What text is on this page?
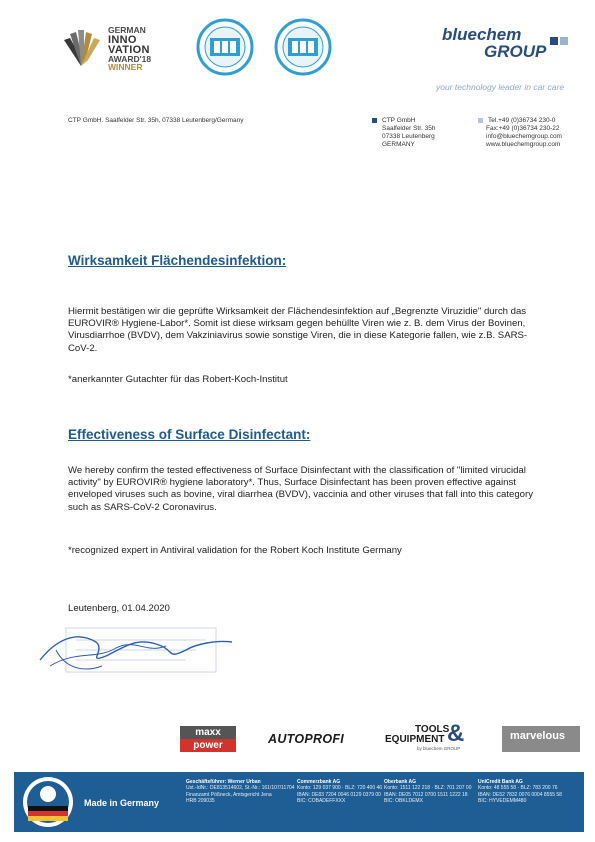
GERMAN
INNO
VATION
AWARD'18
WINNER
bluechem
GROUP
your technology leader in car care
CTP GmbH. Saalfelder Str. 35h, 07338 Leutenberg/Germany	CTP GmbH
Saalfelder Str. 35h
07338 Leutenberg
GERMANY
Tel.+49 (0)36734 230-0
Fax:+49 (0)36734 230-22
info@bluechemgroup.com
www.bluechemgroup.com
Wirksamkeit Flächendesinfektion:
Hiermit bestätigen wir die geprüfte Wirksamkeit der Flächendesinfektion auf „Begrenzte Viruzidie" durch das EUROVIR® Hygiene-Labor*. Somit ist diese wirksam gegen behüllte Viren wie z. B. dem Virus der Bovinen, Virusdiarrhoe (BVDV), dem Vakziniavirus sowie sonstige Viren, die in diese Kategorie fallen, wie z.B. SARS-CoV-2.
*anerkannter Gutachter für das Robert-Koch-Institut
Effectiveness of Surface Disinfectant:
We hereby confirm the tested effectiveness of Surface Disinfectant with the classification of "limited virucidal activity" by EUROVIR® hygiene laboratory*. Thus, Surface Disinfectant has been proven effective against enveloped viruses such as bovine, viral diarrhea (BVDV), vaccinia and other viruses that fall into this category such as SARS-CoV-2 Coronavirus.
*recognized expert in Antiviral validation for the Robert Koch Institute Germany
Leutenberg, 01.04.2020
maxx
power	AUTOPROFI
TOOLS
EQUIPMENT &
by bluechem GROUP
marvelous
Made in Germany
Geschäftsführer: Werner Urban
Ust.-IdNr.: DE813514602, St.-Nr.: 161/107/11704
Finanzamt Pößneck, Amtsgericht Jena
HRB 209035
Commerzbank AG
Konto: 129 037 900 · BLZ: 720 400 46
IBAN: DE83 7204 0046 0129 0379 00
BIC: COBADEFFXXX
Oberbank AG
Konto: 1511 122 218 · BLZ: 701 207 00
IBAN: DE05 7012 0700 1511 1222 18
BIC: OBKLDEMX
UniCredit Bank AG
Konto: 48 555 58 · BLZ: 783 200 76
IBAN: DE52 7832 0076 0004 8555 58
BIC: HYVEDEMM480
